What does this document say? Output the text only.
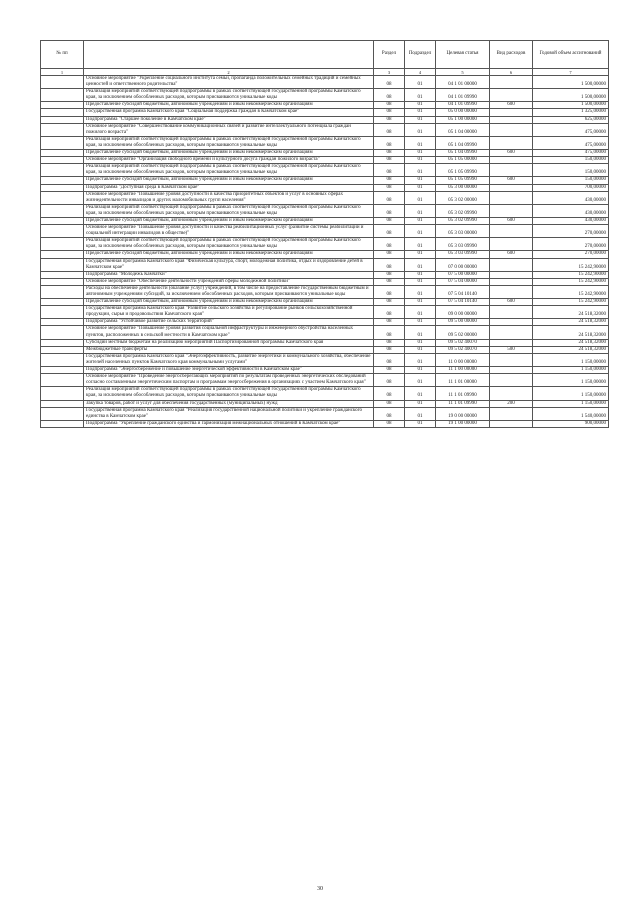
№ пп		Раздел	Подраздел	Целевая статья	Вид расходов	Годовой объем ассигнований
1	2	3	4	5	6	7
	Основное мероприятие "Укрепление социального института семьи, пропаганда положительных семейных традиций и семейных ценностей и ответственного родительства"	08	01	04 1 01 00000		1 500,00000
	Реализация мероприятий соответствующей подпрограммы в рамках соответствующей государственной программы Камчатского края, за исключением обособленных расходов, которым присваиваются уникальные коды	08	01	04 1 01 09990		1 500,00000
	Предоставление субсидий бюджетным, автономным учреждениям и иным некоммерческим организациям	08	01	04 1 01 09990	600	1 500,00000
	Государственная программа Камчатского края "Социальная поддержка граждан в Камчатском крае"	08	01	05 0 00 00000		1 325,00000
	Подпрограмма "Старшее поколение в Камчатском крае"	08	01	05 1 00 00000		625,00000
	Основное мероприятие "Совершенствование коммуникационных связей и развитие интеллектуального потенциала граждан пожилого возраста"	08	01	05 1 04 00000		475,00000
	Реализация мероприятий соответствующей подпрограммы в рамках соответствующей государственной программы Камчатского края, за исключением обособленных расходов, которым присваиваются уникальные коды	08	01	05 1 04 09990		475,00000
	Предоставление субсидий бюджетным, автономным учреждениям и иным некоммерческим организациям	08	01	05 1 04 09990	600	475,00000
	Основное мероприятие "Организация свободного времени и культурного досуга граждан пожилого возраста"	08	01	05 1 05 00000		150,00000
	Реализация мероприятий соответствующей подпрограммы в рамках соответствующей государственной программы Камчатского края, за исключением обособленных расходов, которым присваиваются уникальные коды	08	01	05 1 05 09990		150,00000
	Предоставление субсидий бюджетным, автономным учреждениям и иным некоммерческим организациям	08	01	05 1 05 09990	600	150,00000
	Подпрограмма "Доступная среда в Камчатском крае"	08	01	05 3 00 00000		700,00000
	Основное мероприятие "Повышение уровня доступности в качества приоритетных объектов и услуг в основных сферах жизнедеятельности инвалидов и других маломобильных групп населения"	08	01	05 3 02 00000		430,00000
	Реализация мероприятий соответствующей подпрограммы в рамках соответствующей государственной программы Камчатского края, за исключением обособленных расходов, которым присваиваются уникальные коды	08	01	05 3 02 09990		430,00000
	Предоставление субсидий бюджетным, автономным учреждениям и иным некоммерческим организациям	08	01	05 3 02 09990	600	430,00000
	Основное мероприятие "Повышение уровня доступности и качества реабилитационных услуг (развитие системы реабилитации и социальной интеграции инвалидов в обществе)"	08	01	05 3 03 00000		270,00000
	Реализация мероприятий соответствующей подпрограммы в рамках соответствующей государственной программы Камчатского края, за исключением обособленных расходов, которым присваиваются уникальные коды	08	01	05 3 03 09990		270,00000
	Предоставление субсидий бюджетным, автономным учреждениям и иным некоммерческим организациям	08	01	05 3 03 09990	600	270,00000
	Государственная программа Камчатского края "Физическая культура, спорт, молодежная политика, отдых и оздоровление детей в Камчатском крае"	08	01	07 0 00 00000		15 242,90000
	Подпрограмма "Молодежь Камчатки"	08	01	07 5 00 00000		15 242,90000
	Основное мероприятие "Обеспечение деятельности учреждений сферы молодежной политики"	08	01	07 5 04 00000		15 242,90000
	Расходы на обеспечение деятельности (оказание услуг) учреждений, в том числе на предоставление государственным бюджетным и автономным учреждениям субсидий, за исключением обособленных расходов, которым присваиваются уникальные коды	08	01	07 5 04 10140		15 242,90000
	Предоставление субсидий бюджетным, автономным учреждениям и иным некоммерческим организациям	08	01	07 5 04 10140	600	15 242,90000
	Государственная программа Камчатского края "Развитие сельского хозяйства и регулирование рынков сельскохозяйственной продукции, сырья и продовольствия Камчатского края"	08	01	09 0 00 00000		24 518,32000
	Подпрограмма "Устойчивое развитие сельских территорий"	08	01	09 5 00 00000		24 518,32000
	Основное мероприятие "Повышение уровня развития социальной инфраструктуры и инженерного обустройства населенных пунктов, расположенных в сельской местности в Камчатском крае"	08	01	09 5 02 00000		24 518,32000
	Субсидии местным бюджетам на реализацию мероприятий Паспортизированной программы Камчатского края	08	01	09 5 02 40070		24 518,32000
	Межбюджетные трансферты	08	01	09 5 02 40070	500	24 518,32000
	Государственная программа Камчатского края "Энергоэффективность, развитие энергетики и коммунального хозяйства, обеспечение жителей населенных пунктов Камчатского края коммунальными услугами"	08	01	11 0 00 00000		1 150,00000
	Подпрограмма "Энергосбережение и повышение энергетической эффективности в Камчатском крае"	08	01	11 1 00 00000		1 150,00000
	Основное мероприятие "Проведение энергосберегающих мероприятий по результатам проведенных энергетических обследований согласно составленным энергетическим паспортам и программам энергосбережения в организациях с участием Камчатского края"	08	01	11 1 01 00000		1 150,00000
	Реализация мероприятий соответствующей подпрограммы в рамках соответствующей государственной программы Камчатского края, за исключением обособленных расходов, которым присваиваются уникальные коды	08	01	11 1 01 09990		1 150,00000
	Закупка товаров, работ и услуг для обеспечения государственных (муниципальных) нужд	08	01	11 1 01 09990	200	1 150,00000
	Государственная программа Камчатского края "Реализация государственной национальной политики и укрепление гражданского единства в Камчатском крае"	08	01	19 0 00 00000		1 540,00000
	Подпрограмма "Укрепление гражданского единства и гармонизация межнациональных отношений в Камчатском крае"	08	01	19 1 00 00000		900,00000
30
